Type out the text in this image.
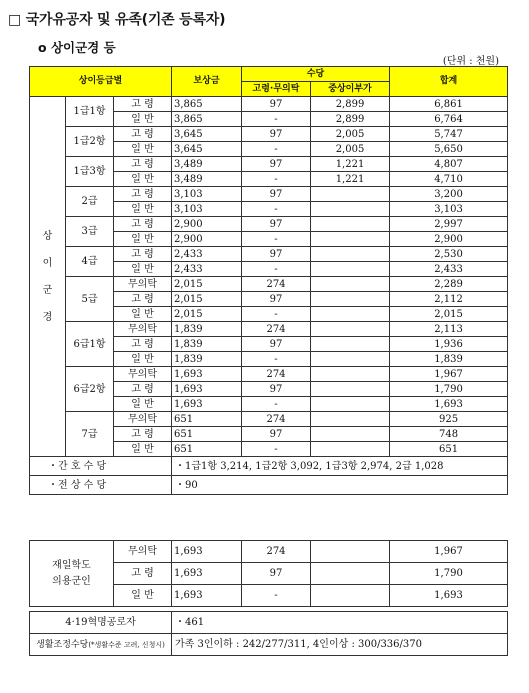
□ 국가유공자 및 유족(기존 등록자)
o 상이군경 등
(단위 : 천원)
상이등급별			보상금	수당		합계
				고령·무의탁	중상이부가	

상
이
군
경	1급1항	고 령	3,865	97	2,899	6,861
		일 반	3,865	-	2,899	6,764
	1급2항	고 령	3,645	97	2,005	5,747
		일 반	3,645	-	2,005	5,650
	1급3항	고 령	3,489	97	1,221	4,807
		일 반	3,489	-	1,221	4,710
	2급	고 령	3,103	97		3,200
		일 반	3,103	-		3,103
	3급	고 령	2,900	97		2,997
		일 반	2,900	-		2,900
	4급	고 령	2,433	97		2,530
		일 반	2,433	-		2,433
	5급	무의탁	2,015	274		2,289
		고 령	2,015	97		2,112
		일 반	2,015	-		2,015
	6급1항	무의탁	1,839	274		2,113
		고 령	1,839	97		1,936
		일 반	1,839	-		1,839
	6급2항	무의탁	1,693	274		1,967
		고 령	1,693	97		1,790
		일 반	1,693	-		1,693
	7급	무의탁	651	274		925
		고 령	651	97		748
		일 반	651	-		651
・간 호 수 당			・1급1항 3,214, 1급2항 3,092, 1급3항 2,974, 2급 1,028			
・전 상 수 당			・90			
재일학도
의용군인	무의탁	1,693	274		1,967
	고 령	1,693	97		1,790
	일 반	1,693	-		1,693
4·19혁명공로자	・461
생활조정수당(*생활수준 고려, 신청시)	가족 3인이하 : 242/277/311, 4인이상 : 300/336/370
